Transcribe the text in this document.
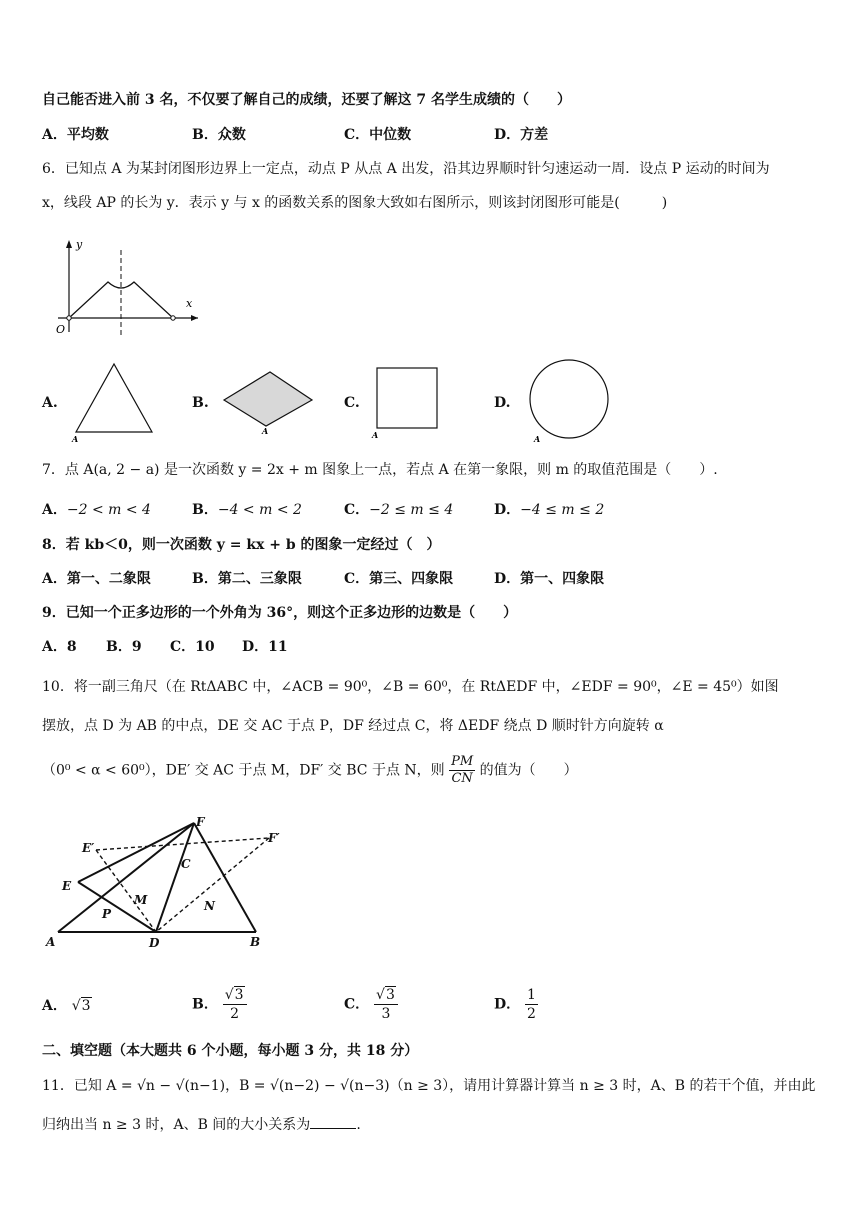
自己能否进入前 3 名，不仅要了解自己的成绩，还要了解这 7 名学生成绩的（　　）
A．平均数	B．众数	C．中位数	D．方差
6．已知点 A 为某封闭图形边界上一定点，动点 P 从点 A 出发，沿其边界顺时针匀速运动一周．设点 P 运动的时间为
x，线段 AP 的长为 y．表示 y 与 x 的函数关系的图象大致如右图所示，则该封闭图形可能是(　　　)
y
x
O
A.
A
B.
A
C.
A
D.
A
7．点 A(a, 2 − a) 是一次函数 y = 2x + m 图象上一点，若点 A 在第一象限，则 m 的取值范围是（　　）.
A．−2 < m < 4	B．−4 < m < 2	C．−2 ≤ m ≤ 4	D．−4 ≤ m ≤ 2
8．若 kb＜0，则一次函数 y = kx + b 的图象一定经过（　）
A．第一、二象限	B．第二、三象限	C．第三、四象限	D．第一、四象限
9．已知一个正多边形的一个外角为 36°，则这个正多边形的边数是（　　）
A．8 B．9 C．10 D．11
10．将一副三角尺（在 RtΔABC 中，∠ACB = 90⁰，∠B = 60⁰，在 RtΔEDF 中，∠EDF = 90⁰，∠E = 45⁰）如图
摆放，点 D 为 AB 的中点，DE 交 AC 于点 P，DF 经过点 C，将 ΔEDF 绕点 D 顺时针方向旋转 α
（0⁰ < α < 60⁰），DE′ 交 AC 于点 M，DF′ 交 BC 于点 N，则 $\frac{PM}{CN}$ 的值为（　　）
A	B
D
C
F
F′
E
E′
M
P
N
A． √3	B． $\frac{√3}{2}$	C． $\frac{√3}{3}$	D． $\frac{1}{2}$
二、填空题（本大题共 6 个小题，每小题 3 分，共 18 分）
11．已知 A = √n − √(n−1)，B = √(n−2) − √(n−3)（n ≥ 3），请用计算器计算当 n ≥ 3 时，A、B 的若干个值，并由此
归纳出当 n ≥ 3 时，A、B 间的大小关系为	.
